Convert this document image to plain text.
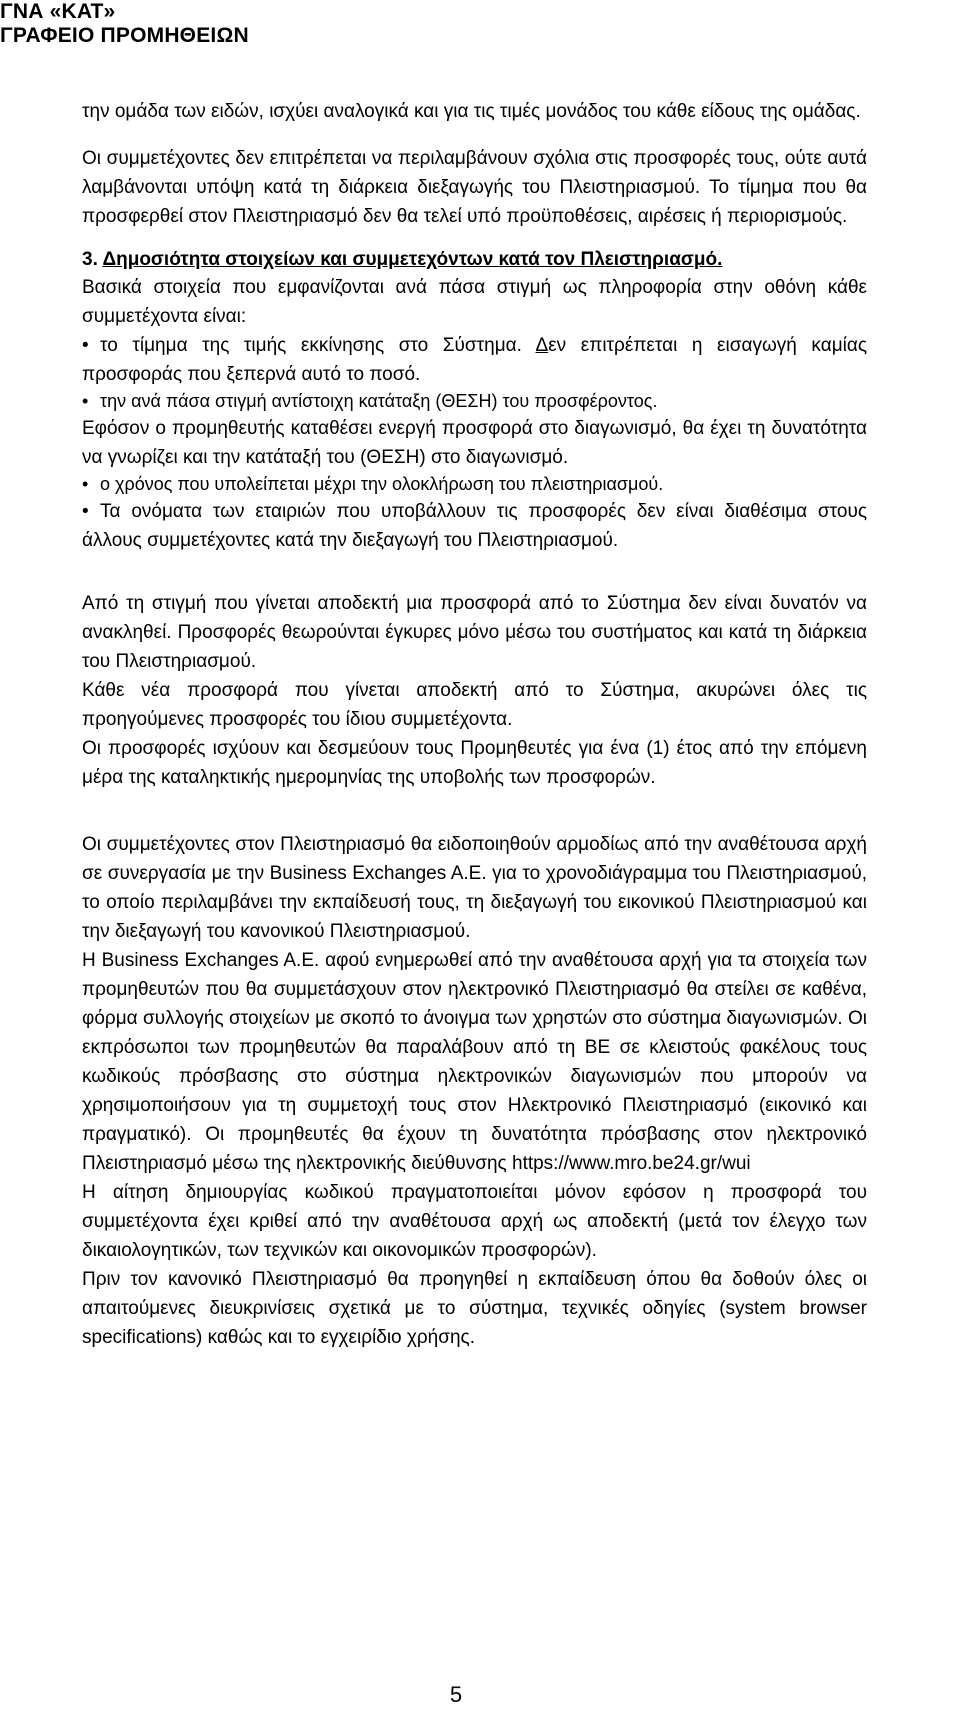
ΓΝΑ «ΚΑΤ»
ΓΡΑΦΕΙΟ ΠΡΟΜΗΘΕΙΩΝ

την ομάδα των ειδών, ισχύει αναλογικά και για τις τιμές μονάδος του κάθε είδους της ομάδας.

Οι συμμετέχοντες δεν επιτρέπεται να περιλαμβάνουν σχόλια στις προσφορές τους, ούτε αυτά λαμβάνονται υπόψη κατά τη διάρκεια διεξαγωγής του Πλειστηριασμού. Το τίμημα που θα προσφερθεί στον Πλειστηριασμό δεν θα τελεί υπό προϋποθέσεις, αιρέσεις ή περιορισμούς.

3. Δημοσιότητα στοιχείων και συμμετεχόντων κατά τον Πλειστηριασμό.

Βασικά στοιχεία που εμφανίζονται ανά πάσα στιγμή ως πληροφορία στην οθόνη κάθε συμμετέχοντα είναι:

• το τίμημα της τιμής εκκίνησης στο Σύστημα. Δεν επιτρέπεται η εισαγωγή καμίας προσφοράς που ξεπερνά αυτό το ποσό.

• την ανά πάσα στιγμή αντίστοιχη κατάταξη (ΘΕΣΗ) του προσφέροντος.

Εφόσον ο προμηθευτής καταθέσει ενεργή προσφορά στο διαγωνισμό, θα έχει τη δυνατότητα να γνωρίζει και την κατάταξή του (ΘΕΣΗ) στο διαγωνισμό.

• ο χρόνος που υπολείπεται μέχρι την ολοκλήρωση του πλειστηριασμού.

• Τα ονόματα των εταιριών που υποβάλλουν τις προσφορές δεν είναι διαθέσιμα στους άλλους συμμετέχοντες κατά την διεξαγωγή του Πλειστηριασμού.

Από τη στιγμή που γίνεται αποδεκτή μια προσφορά από το Σύστημα δεν είναι δυνατόν να ανακληθεί. Προσφορές θεωρούνται έγκυρες μόνο μέσω του συστήματος και κατά τη διάρκεια του Πλειστηριασμού.

Κάθε νέα προσφορά που γίνεται αποδεκτή από το Σύστημα, ακυρώνει όλες τις προηγούμενες προσφορές του ίδιου συμμετέχοντα.

Οι προσφορές ισχύουν και δεσμεύουν τους Προμηθευτές για ένα (1) έτος από την επόμενη μέρα της καταληκτικής ημερομηνίας της υποβολής των προσφορών.

Οι συμμετέχοντες στον Πλειστηριασμό θα ειδοποιηθούν αρμοδίως από την αναθέτουσα αρχή σε συνεργασία με την Business Exchanges A.E. για το χρονοδιάγραμμα του Πλειστηριασμού, το οποίο περιλαμβάνει την εκπαίδευσή τους, τη διεξαγωγή του εικονικού Πλειστηριασμού και την διεξαγωγή του κανονικού Πλειστηριασμού.

Η Business Exchanges A.E. αφού ενημερωθεί από την αναθέτουσα αρχή για τα στοιχεία των προμηθευτών που θα συμμετάσχουν στον ηλεκτρονικό Πλειστηριασμό θα στείλει σε καθένα, φόρμα συλλογής στοιχείων με σκοπό το άνοιγμα των χρηστών στο σύστημα διαγωνισμών. Οι εκπρόσωποι των προμηθευτών θα παραλάβουν από τη BE σε κλειστούς φακέλους τους κωδικούς πρόσβασης στο σύστημα ηλεκτρονικών διαγωνισμών που μπορούν να χρησιμοποιήσουν για τη συμμετοχή τους στον Ηλεκτρονικό Πλειστηριασμό (εικονικό και πραγματικό). Οι προμηθευτές θα έχουν τη δυνατότητα πρόσβασης στον ηλεκτρονικό Πλειστηριασμό μέσω της ηλεκτρονικής διεύθυνσης https://www.mro.be24.gr/wui

Η αίτηση δημιουργίας κωδικού πραγματοποιείται μόνον εφόσον η προσφορά του συμμετέχοντα έχει κριθεί από την αναθέτουσα αρχή ως αποδεκτή (μετά τον έλεγχο των δικαιολογητικών, των τεχνικών και οικονομικών προσφορών).

Πριν τον κανονικό Πλειστηριασμό θα προηγηθεί η εκπαίδευση όπου θα δοθούν όλες οι απαιτούμενες διευκρινίσεις σχετικά με το σύστημα, τεχνικές οδηγίες (system browser specifications) καθώς και το εγχειρίδιο χρήσης.

5
